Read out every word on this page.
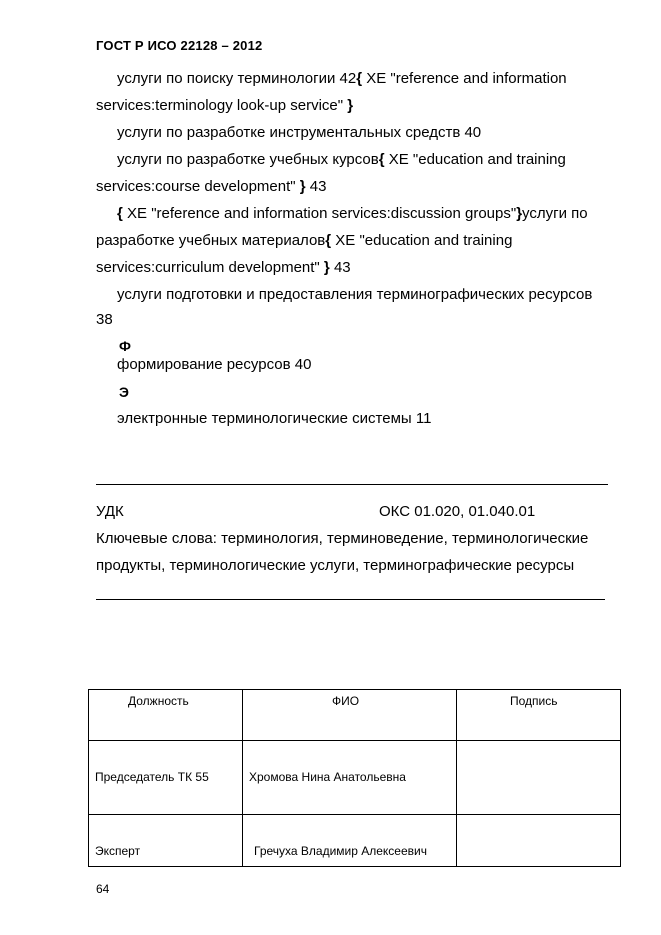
ГОСТ Р ИСО 22128 – 2012
услуги по поиску терминологии 42{ XE "reference and information
services:terminology look-up service" }
услуги по разработке инструментальных средств 40
услуги по разработке учебных курсов{ XE "education and training
services:course development" } 43
{ XE "reference and information services:discussion groups"}услуги по
разработке учебных материалов{ XE "education and training
services:curriculum development" } 43
услуги подготовки и предоставления терминографических ресурсов
38
Ф
формирование ресурсов 40
Э
электронные терминологические системы 11
УДК	ОКС 01.020, 01.040.01
Ключевые слова: терминология, терминоведение, терминологические
продукты, терминологические услуги, терминографические ресурсы
Должность	ФИО	Подпись

Председатель ТК 55	Хромова Нина Анатольевна	

Эксперт	Гречуха Владимир Алексеевич	

64
